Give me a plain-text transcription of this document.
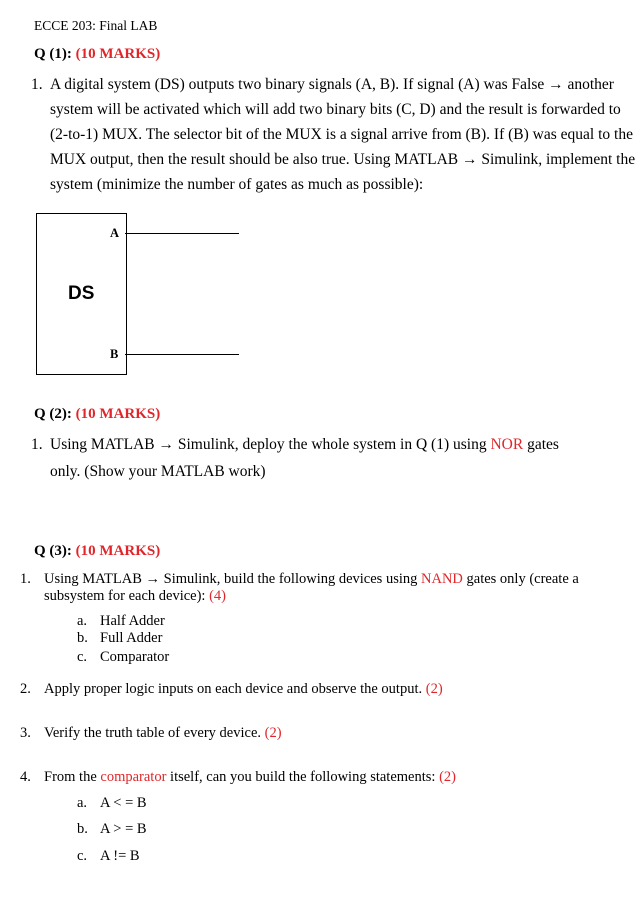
ECCE 203: Final LAB
Q (1): (10 MARKS)
1. A digital system (DS) outputs two binary signals (A, B). If signal (A) was False → another
system will be activated which will add two binary bits (C, D) and the result is forwarded to
(2-to-1) MUX. The selector bit of the MUX is a signal arrive from (B). If (B) was equal to the
MUX output, then the result should be also true. Using MATLAB → Simulink, implement the
system (minimize the number of gates as much as possible):
DS
A
B
Q (2): (10 MARKS)
1. Using MATLAB → Simulink, deploy the whole system in Q (1) using NOR gates
only. (Show your MATLAB work)
Q (3): (10 MARKS)
1. Using MATLAB → Simulink, build the following devices using NAND gates only (create a
subsystem for each device): (4)
a. Half Adder
b. Full Adder
c. Comparator
2. Apply proper logic inputs on each device and observe the output. (2)
3. Verify the truth table of every device. (2)
4. From the comparator itself, can you build the following statements: (2)
a. A < = B
b. A > = B
c. A != B
